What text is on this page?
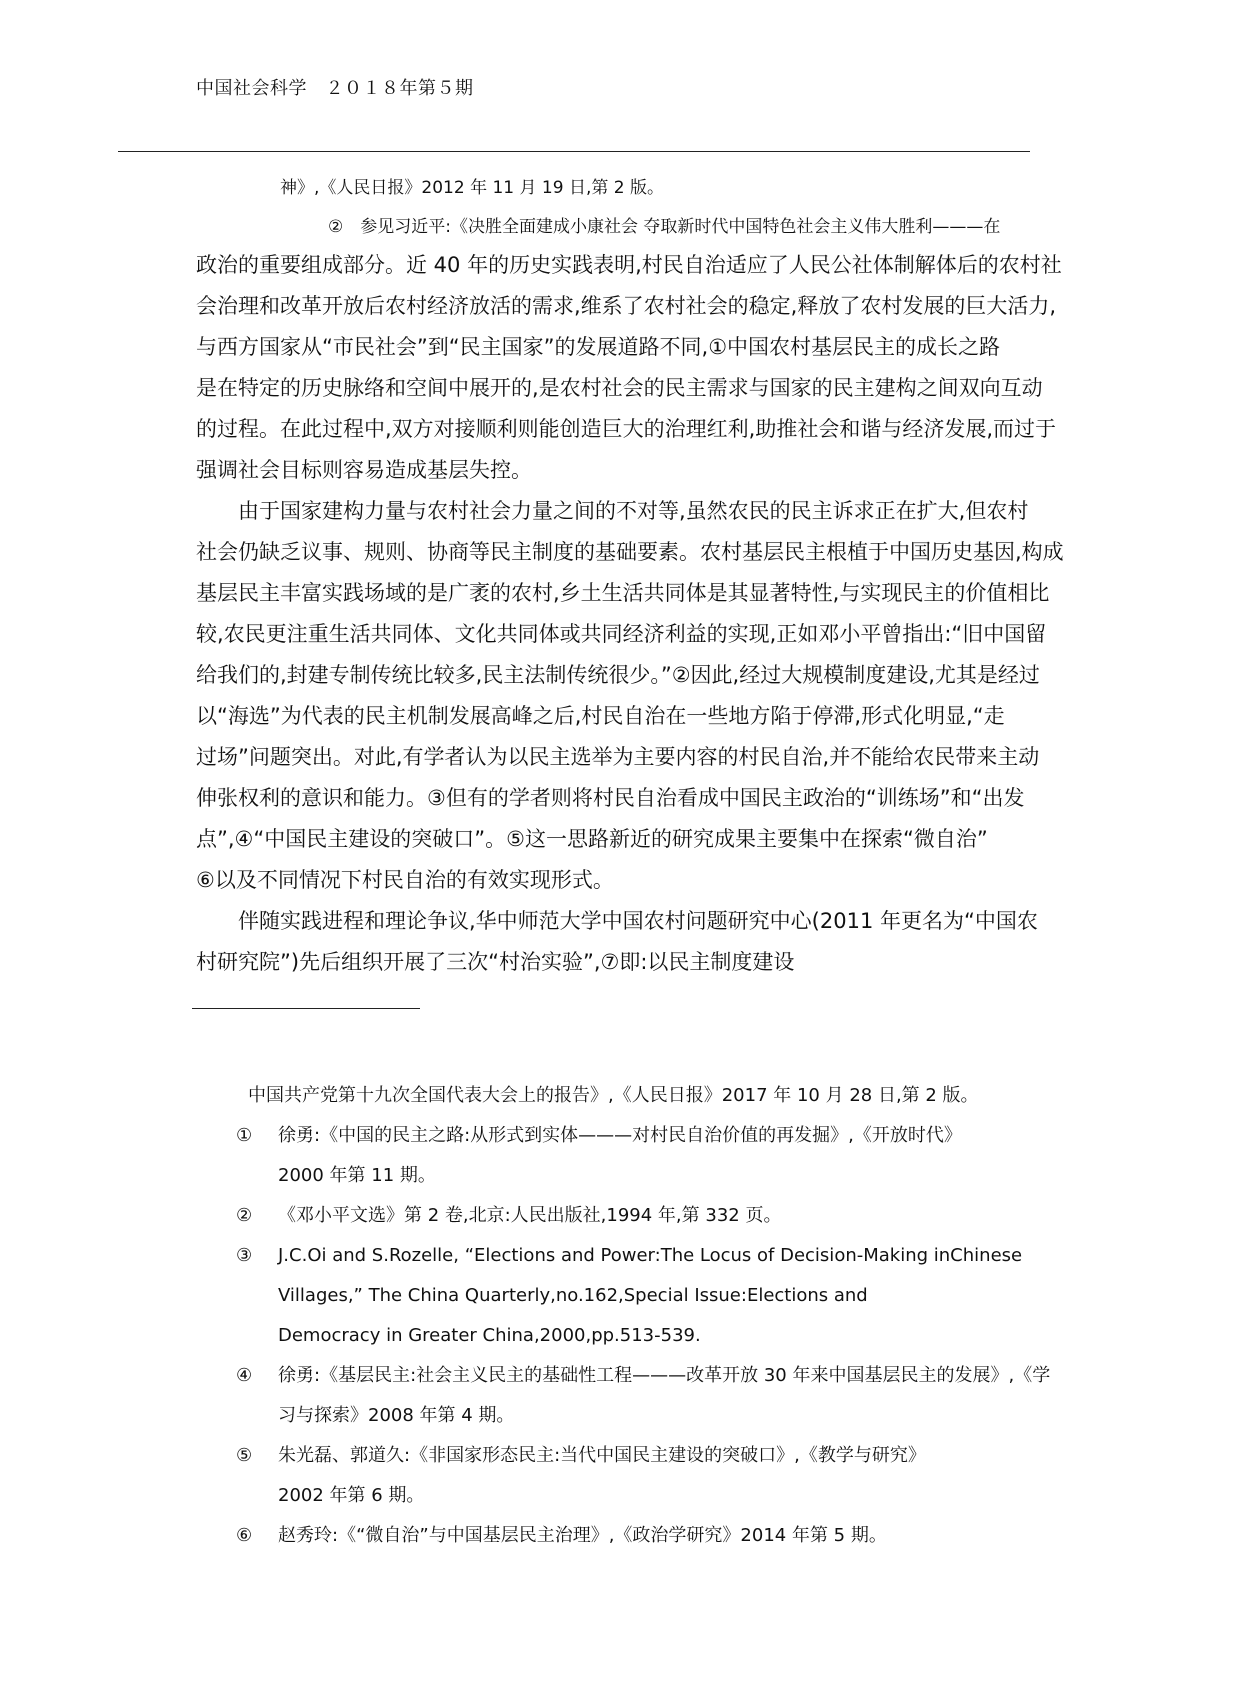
中国社会科学　２０１８年第５期
神》,《人民日报》2012 年 11 月 19 日,第 2 版。
②　参见习近平:《决胜全面建成小康社会 夺取新时代中国特色社会主义伟大胜利———在
政治的重要组成部分。近 40 年的历史实践表明,村民自治适应了人民公社体制解体后的农村社
会治理和改革开放后农村经济放活的需求,维系了农村社会的稳定,释放了农村发展的巨大活力,
与西方国家从“市民社会”到“民主国家”的发展道路不同,①中国农村基层民主的成长之路
是在特定的历史脉络和空间中展开的,是农村社会的民主需求与国家的民主建构之间双向互动
的过程。在此过程中,双方对接顺利则能创造巨大的治理红利,助推社会和谐与经济发展,而过于
强调社会目标则容易造成基层失控。
　　由于国家建构力量与农村社会力量之间的不对等,虽然农民的民主诉求正在扩大,但农村
社会仍缺乏议事、规则、协商等民主制度的基础要素。农村基层民主根植于中国历史基因,构成
基层民主丰富实践场域的是广袤的农村,乡土生活共同体是其显著特性,与实现民主的价值相比
较,农民更注重生活共同体、文化共同体或共同经济利益的实现,正如邓小平曾指出:“旧中国留
给我们的,封建专制传统比较多,民主法制传统很少。”②因此,经过大规模制度建设,尤其是经过
以“海选”为代表的民主机制发展高峰之后,村民自治在一些地方陷于停滞,形式化明显,“走
过场”问题突出。对此,有学者认为以民主选举为主要内容的村民自治,并不能给农民带来主动
伸张权利的意识和能力。③但有的学者则将村民自治看成中国民主政治的“训练场”和“出发
点”,④“中国民主建设的突破口”。⑤这一思路新近的研究成果主要集中在探索“微自治”
⑥以及不同情况下村民自治的有效实现形式。
　　伴随实践进程和理论争议,华中师范大学中国农村问题研究中心(2011 年更名为“中国农
村研究院”)先后组织开展了三次“村治实验”,⑦即:以民主制度建设
中国共产党第十九次全国代表大会上的报告》,《人民日报》2017 年 10 月 28 日,第 2 版。
①	徐勇:《中国的民主之路:从形式到实体———对村民自治价值的再发掘》,《开放时代》
2000 年第 11 期。
②	《邓小平文选》第 2 卷,北京:人民出版社,1994 年,第 332 页。
③	J.C.Oi and S.Rozelle, “Elections and Power:The Locus of Decision-Making inChinese
Villages,” The China Quarterly,no.162,Special Issue:Elections and
Democracy in Greater China,2000,pp.513-539.
④	徐勇:《基层民主:社会主义民主的基础性工程———改革开放 30 年来中国基层民主的发展》,《学
习与探索》2008 年第 4 期。
⑤	朱光磊、郭道久:《非国家形态民主:当代中国民主建设的突破口》,《教学与研究》
2002 年第 6 期。
⑥	赵秀玲:《“微自治”与中国基层民主治理》,《政治学研究》2014 年第 5 期。
